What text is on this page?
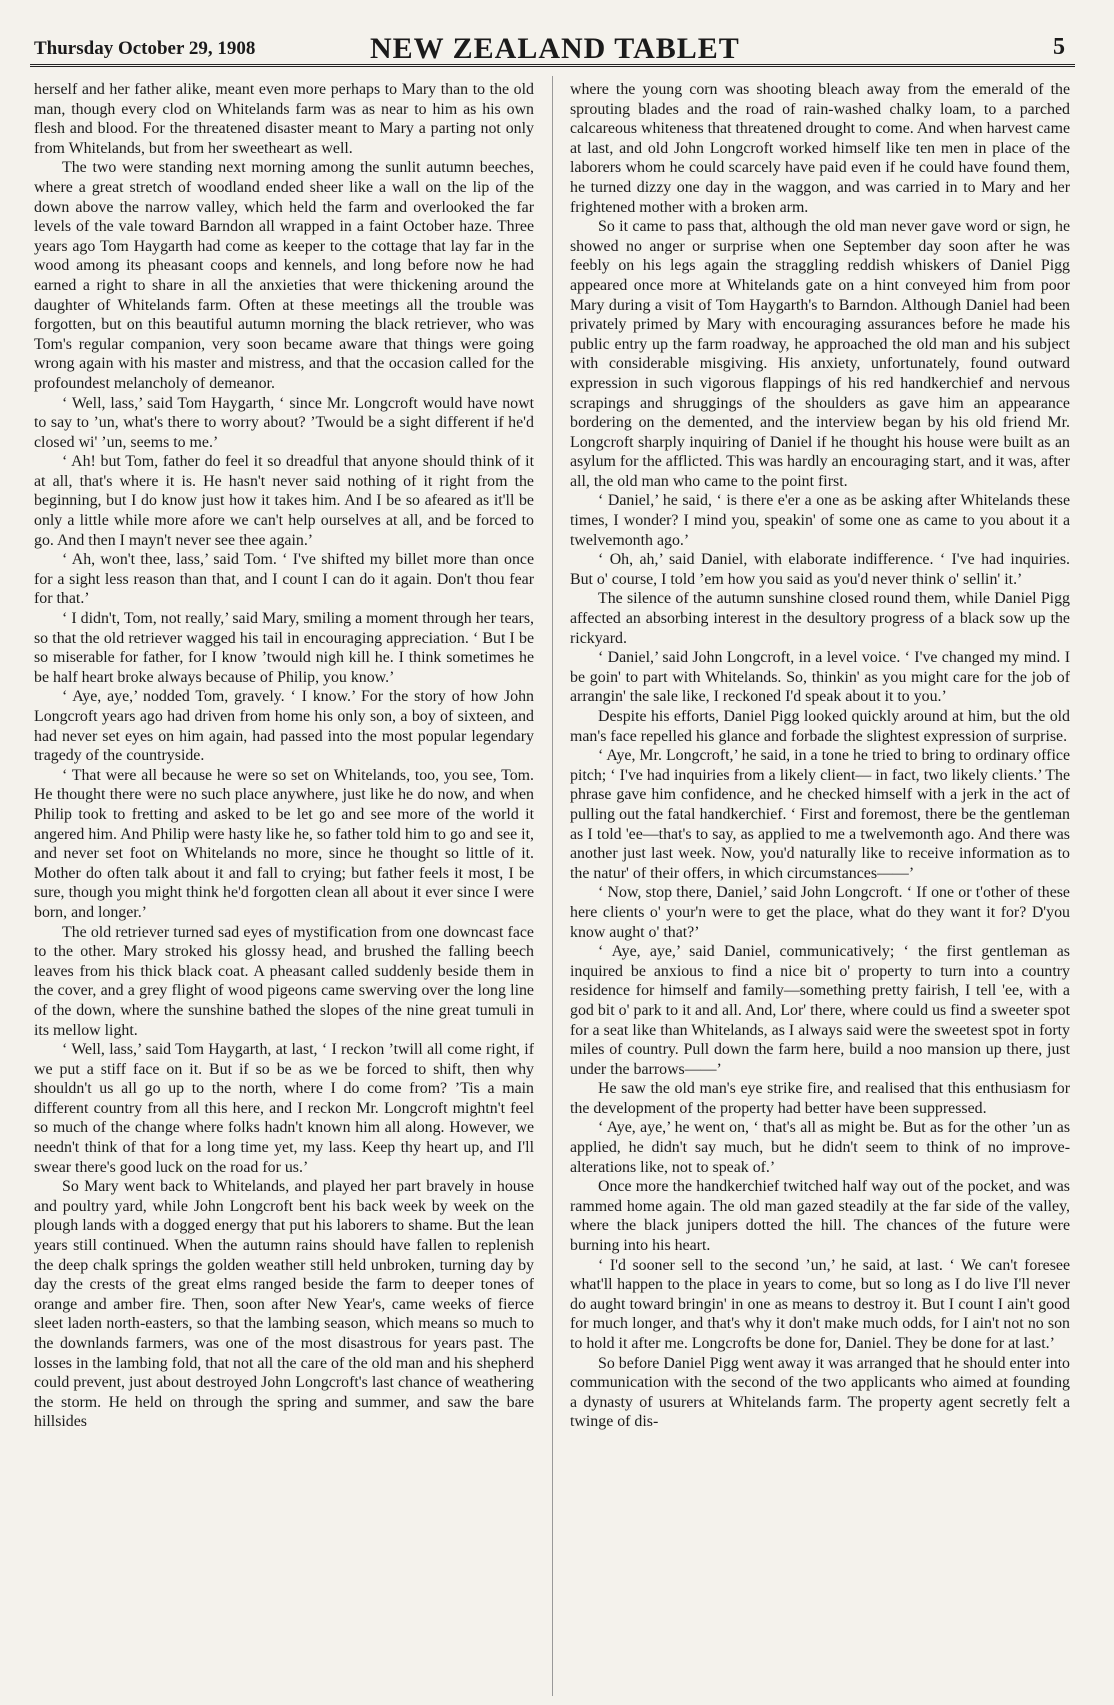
Thursday October 29, 1908	NEW ZEALAND TABLET	5

herself and her father alike, meant even more perhaps to Mary than to the old man, though every clod on Whitelands farm was as near to him as his own flesh and blood. For the threatened disaster meant to Mary a parting not only from Whitelands, but from her sweetheart as well.

The two were standing next morning among the sunlit autumn beeches, where a great stretch of woodland ended sheer like a wall on the lip of the down above the narrow valley, which held the farm and overlooked the far levels of the vale toward Barndon all wrapped in a faint October haze. Three years ago Tom Haygarth had come as keeper to the cottage that lay far in the wood among its pheasant coops and kennels, and long before now he had earned a right to share in all the anxieties that were thickening around the daughter of Whitelands farm. Often at these meetings all the trouble was forgotten, but on this beautiful autumn morning the black retriever, who was Tom's regular companion, very soon became aware that things were going wrong again with his master and mistress, and that the occasion called for the profoundest melancholy of demeanor.

‘ Well, lass,’ said Tom Haygarth, ‘ since Mr. Longcroft would have nowt to say to ’un, what's there to worry about? ’Twould be a sight different if he'd closed wi' ’un, seems to me.’

‘ Ah! but Tom, father do feel it so dreadful that anyone should think of it at all, that's where it is. He hasn't never said nothing of it right from the beginning, but I do know just how it takes him. And I be so afeared as it'll be only a little while more afore we can't help ourselves at all, and be forced to go. And then I mayn't never see thee again.’

‘ Ah, won't thee, lass,’ said Tom. ‘ I've shifted my billet more than once for a sight less reason than that, and I count I can do it again. Don't thou fear for that.’

‘ I didn't, Tom, not really,’ said Mary, smiling a moment through her tears, so that the old retriever wagged his tail in encouraging appreciation. ‘ But I be so miserable for father, for I know ’twould nigh kill he. I think sometimes he be half heart broke always because of Philip, you know.’

‘ Aye, aye,’ nodded Tom, gravely. ‘ I know.’ For the story of how John Longcroft years ago had driven from home his only son, a boy of sixteen, and had never set eyes on him again, had passed into the most popular legendary tragedy of the countryside.

‘ That were all because he were so set on Whitelands, too, you see, Tom. He thought there were no such place anywhere, just like he do now, and when Philip took to fretting and asked to be let go and see more of the world it angered him. And Philip were hasty like he, so father told him to go and see it, and never set foot on Whitelands no more, since he thought so little of it. Mother do often talk about it and fall to crying; but father feels it most, I be sure, though you might think he'd forgotten clean all about it ever since I were born, and longer.’

The old retriever turned sad eyes of mystification from one downcast face to the other. Mary stroked his glossy head, and brushed the falling beech leaves from his thick black coat. A pheasant called suddenly beside them in the cover, and a grey flight of wood pigeons came swerving over the long line of the down, where the sunshine bathed the slopes of the nine great tumuli in its mellow light.

‘ Well, lass,’ said Tom Haygarth, at last, ‘ I reckon ’twill all come right, if we put a stiff face on it. But if so be as we be forced to shift, then why shouldn't us all go up to the north, where I do come from? ’Tis a main different country from all this here, and I reckon Mr. Longcroft mightn't feel so much of the change where folks hadn't known him all along. However, we needn't think of that for a long time yet, my lass. Keep thy heart up, and I'll swear there's good luck on the road for us.’

So Mary went back to Whitelands, and played her part bravely in house and poultry yard, while John Longcroft bent his back week by week on the plough lands with a dogged energy that put his laborers to shame. But the lean years still continued. When the autumn rains should have fallen to replenish the deep chalk springs the golden weather still held unbroken, turning day by day the crests of the great elms ranged beside the farm to deeper tones of orange and amber fire. Then, soon after New Year's, came weeks of fierce sleet laden north-easters, so that the lambing season, which means so much to the downlands farmers, was one of the most disastrous for years past. The losses in the lambing fold, that not all the care of the old man and his shepherd could prevent, just about destroyed John Longcroft's last chance of weathering the storm. He held on through the spring and summer, and saw the bare hillsides

where the young corn was shooting bleach away from the emerald of the sprouting blades and the road of rain-washed chalky loam, to a parched calcareous whiteness that threatened drought to come. And when harvest came at last, and old John Longcroft worked himself like ten men in place of the laborers whom he could scarcely have paid even if he could have found them, he turned dizzy one day in the waggon, and was carried in to Mary and her frightened mother with a broken arm.

So it came to pass that, although the old man never gave word or sign, he showed no anger or surprise when one September day soon after he was feebly on his legs again the straggling reddish whiskers of Daniel Pigg appeared once more at Whitelands gate on a hint conveyed him from poor Mary during a visit of Tom Haygarth's to Barndon. Although Daniel had been privately primed by Mary with encouraging assurances before he made his public entry up the farm roadway, he approached the old man and his subject with considerable misgiving. His anxiety, unfortunately, found outward expression in such vigorous flappings of his red handkerchief and nervous scrapings and shruggings of the shoulders as gave him an appearance bordering on the demented, and the interview began by his old friend Mr. Longcroft sharply inquiring of Daniel if he thought his house were built as an asylum for the afflicted. This was hardly an encouraging start, and it was, after all, the old man who came to the point first.

‘ Daniel,’ he said, ‘ is there e'er a one as be asking after Whitelands these times, I wonder? I mind you, speakin' of some one as came to you about it a twelvemonth ago.’

‘ Oh, ah,’ said Daniel, with elaborate indifference. ‘ I've had inquiries. But o' course, I told ’em how you said as you'd never think o' sellin' it.’

The silence of the autumn sunshine closed round them, while Daniel Pigg affected an absorbing interest in the desultory progress of a black sow up the rickyard.

‘ Daniel,’ said John Longcroft, in a level voice. ‘ I've changed my mind. I be goin' to part with Whitelands. So, thinkin' as you might care for the job of arrangin' the sale like, I reckoned I'd speak about it to you.’

Despite his efforts, Daniel Pigg looked quickly around at him, but the old man's face repelled his glance and forbade the slightest expression of surprise.

‘ Aye, Mr. Longcroft,’ he said, in a tone he tried to bring to ordinary office pitch; ‘ I've had inquiries from a likely client— in fact, two likely clients.’ The phrase gave him confidence, and he checked himself with a jerk in the act of pulling out the fatal handkerchief. ‘ First and foremost, there be the gentleman as I told 'ee—that's to say, as applied to me a twelvemonth ago. And there was another just last week. Now, you'd naturally like to receive information as to the natur' of their offers, in which circumstances——’

‘ Now, stop there, Daniel,’ said John Longcroft. ‘ If one or t'other of these here clients o' your'n were to get the place, what do they want it for? D'you know aught o' that?’

‘ Aye, aye,’ said Daniel, communicatively; ‘ the first gentleman as inquired be anxious to find a nice bit o' property to turn into a country residence for himself and family—something pretty fairish, I tell 'ee, with a god bit o' park to it and all. And, Lor' there, where could us find a sweeter spot for a seat like than Whitelands, as I always said were the sweetest spot in forty miles of country. Pull down the farm here, build a noo mansion up there, just under the barrows——’

He saw the old man's eye strike fire, and realised that this enthusiasm for the development of the property had better have been suppressed.

‘ Aye, aye,’ he went on, ‘ that's all as might be. But as for the other ’un as applied, he didn't say much, but he didn't seem to think of no improve-alterations like, not to speak of.’

Once more the handkerchief twitched half way out of the pocket, and was rammed home again. The old man gazed steadily at the far side of the valley, where the black junipers dotted the hill. The chances of the future were burning into his heart.

‘ I'd sooner sell to the second ’un,’ he said, at last. ‘ We can't foresee what'll happen to the place in years to come, but so long as I do live I'll never do aught toward bringin' in one as means to destroy it. But I count I ain't good for much longer, and that's why it don't make much odds, for I ain't not no son to hold it after me. Longcrofts be done for, Daniel. They be done for at last.’

So before Daniel Pigg went away it was arranged that he should enter into communication with the second of the two applicants who aimed at founding a dynasty of usurers at Whitelands farm. The property agent secretly felt a twinge of dis-
